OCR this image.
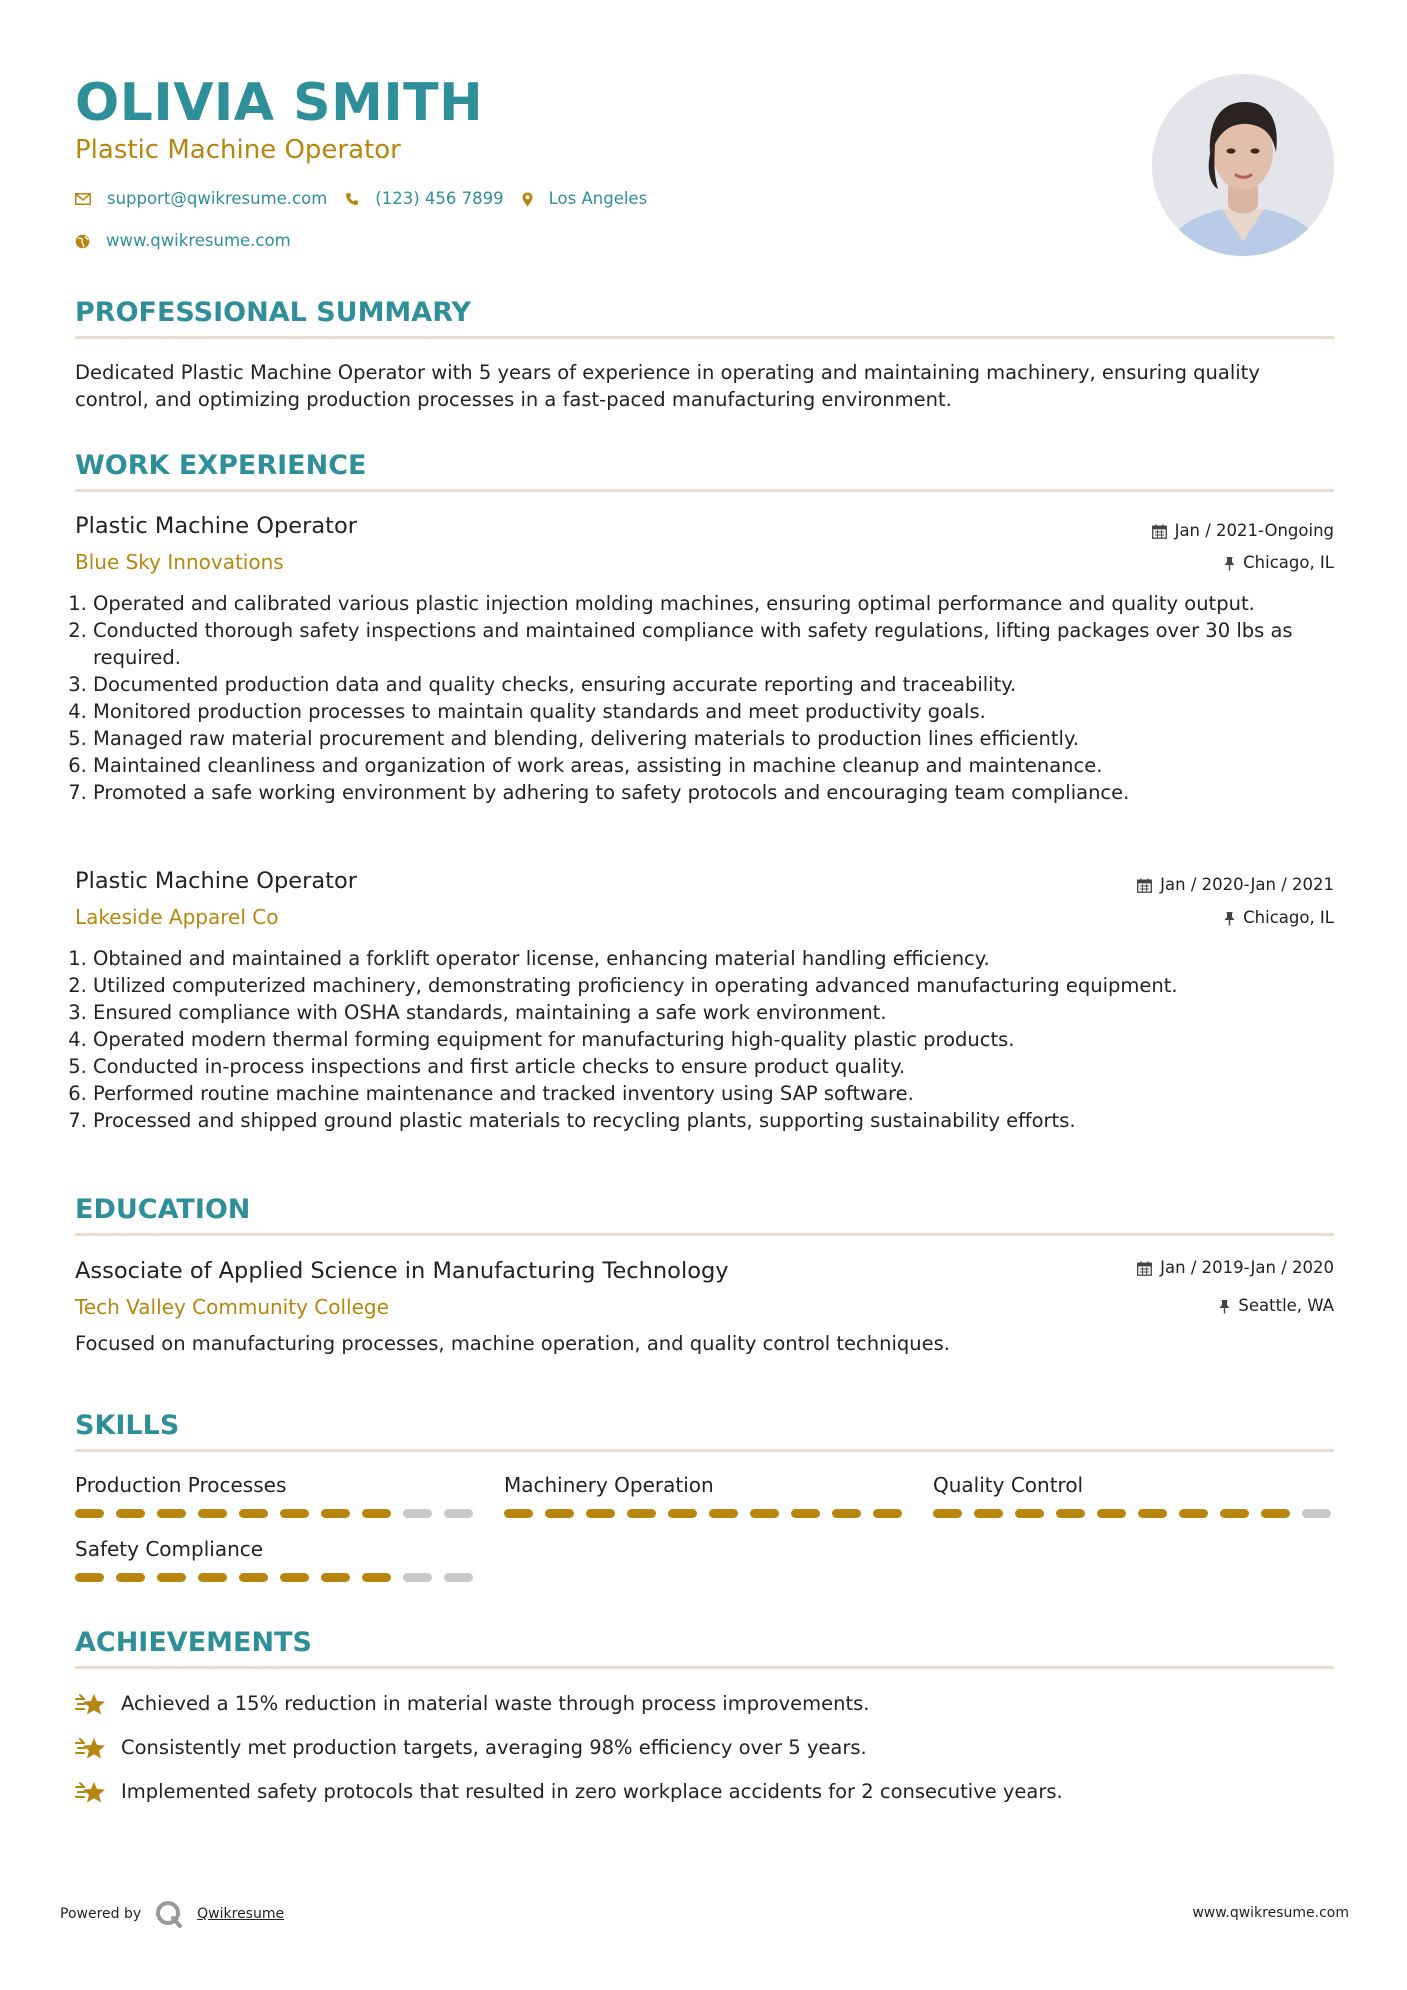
OLIVIA SMITH
Plastic Machine Operator
support@qwikresume.com	(123) 456 7899	Los Angeles
www.qwikresume.com
PROFESSIONAL SUMMARY
Dedicated Plastic Machine Operator with 5 years of experience in operating and maintaining machinery, ensuring quality control, and optimizing production processes in a fast-paced manufacturing environment.
WORK EXPERIENCE
Plastic Machine Operator	Jan / 2021-Ongoing
Blue Sky Innovations	Chicago, IL
1. Operated and calibrated various plastic injection molding machines, ensuring optimal performance and quality output.
2. Conducted thorough safety inspections and maintained compliance with safety regulations, lifting packages over 30 lbs as required.
3. Documented production data and quality checks, ensuring accurate reporting and traceability.
4. Monitored production processes to maintain quality standards and meet productivity goals.
5. Managed raw material procurement and blending, delivering materials to production lines efficiently.
6. Maintained cleanliness and organization of work areas, assisting in machine cleanup and maintenance.
7. Promoted a safe working environment by adhering to safety protocols and encouraging team compliance.
Plastic Machine Operator	Jan / 2020-Jan / 2021
Lakeside Apparel Co	Chicago, IL
1. Obtained and maintained a forklift operator license, enhancing material handling efficiency.
2. Utilized computerized machinery, demonstrating proficiency in operating advanced manufacturing equipment.
3. Ensured compliance with OSHA standards, maintaining a safe work environment.
4. Operated modern thermal forming equipment for manufacturing high-quality plastic products.
5. Conducted in-process inspections and first article checks to ensure product quality.
6. Performed routine machine maintenance and tracked inventory using SAP software.
7. Processed and shipped ground plastic materials to recycling plants, supporting sustainability efforts.
EDUCATION
Associate of Applied Science in Manufacturing Technology	Jan / 2019-Jan / 2020
Tech Valley Community College	Seattle, WA
Focused on manufacturing processes, machine operation, and quality control techniques.
SKILLS
Production Processes	Machinery Operation	Quality Control
Safety Compliance
ACHIEVEMENTS
Achieved a 15% reduction in material waste through process improvements.
Consistently met production targets, averaging 98% efficiency over 5 years.
Implemented safety protocols that resulted in zero workplace accidents for 2 consecutive years.
Powered by	Qwikresume	www.qwikresume.com
